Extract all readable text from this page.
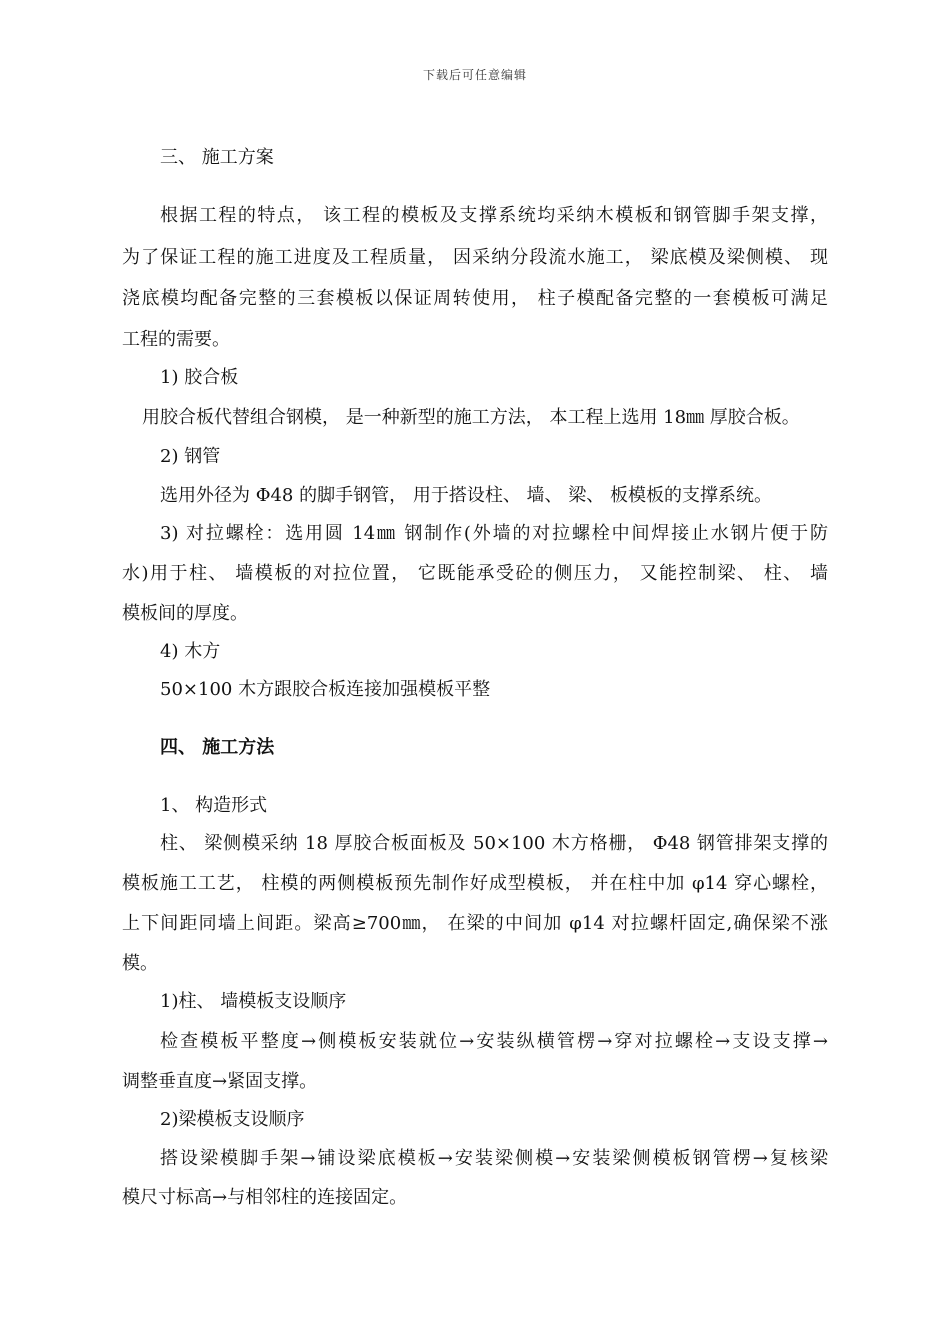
下载后可任意编辑
三、 施工方案
根据工程的特点， 该工程的模板及支撑系统均采纳木模板和钢管脚手架支撑，
为了保证工程的施工进度及工程质量， 因采纳分段流水施工， 梁底模及梁侧模、 现
浇底模均配备完整的三套模板以保证周转使用， 柱子模配备完整的一套模板可满足
工程的需要。
1) 胶合板
用胶合板代替组合钢模， 是一种新型的施工方法， 本工程上选用 18㎜ 厚胶合板。
2) 钢管
选用外径为 Φ48 的脚手钢管， 用于搭设柱、 墙、 梁、 板模板的支撑系统。
3) 对拉螺栓：选用圆 14㎜ 钢制作(外墙的对拉螺栓中间焊接止水钢片便于防
水)用于柱、 墙模板的对拉位置， 它既能承受砼的侧压力， 又能控制梁、 柱、 墙
模板间的厚度。
4) 木方
50×100 木方跟胶合板连接加强模板平整
四、 施工方法
1、 构造形式
柱、 梁侧模采纳 18 厚胶合板面板及 50×100 木方格栅， Φ48 钢管排架支撑的
模板施工工艺， 柱模的两侧模板预先制作好成型模板， 并在柱中加 φ14 穿心螺栓，
上下间距同墙上间距。梁高≥700㎜， 在梁的中间加 φ14 对拉螺杆固定,确保梁不涨
模。
1)柱、 墙模板支设顺序
检查模板平整度→侧模板安装就位→安装纵横管楞→穿对拉螺栓→支设支撑→
调整垂直度→紧固支撑。
2)梁模板支设顺序
搭设梁模脚手架→铺设梁底模板→安装梁侧模→安装梁侧模板钢管楞→复核梁
模尺寸标高→与相邻柱的连接固定。
